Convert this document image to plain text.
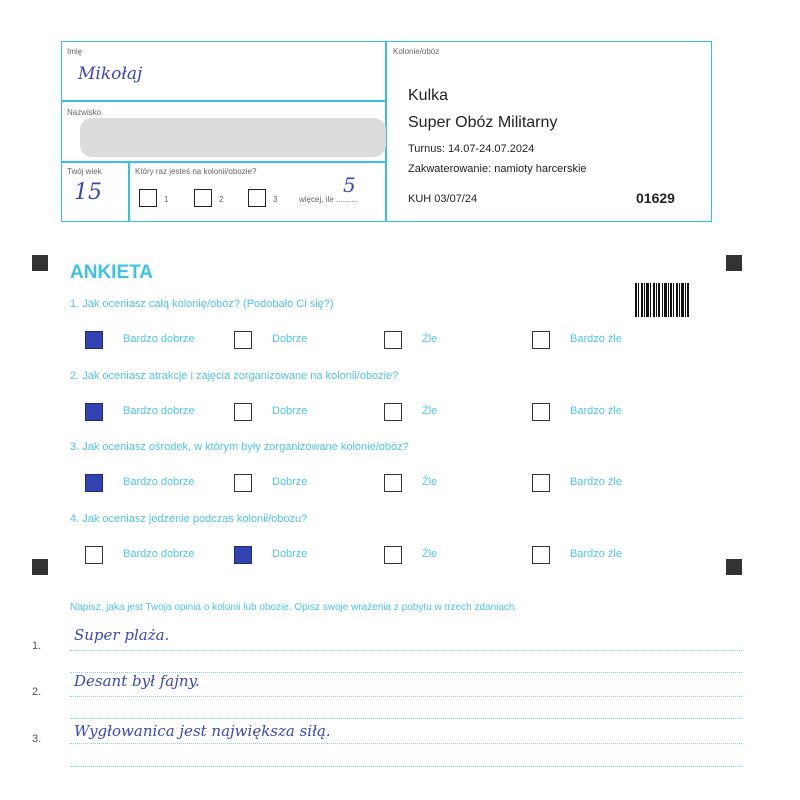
Imię
Mikołaj
Nazwisko
Twój wiek
15
Który raz jesteś na kolonii/obozie?
1	2	3	więcej, ile ..........
5
Kolonie/obóz
Kulka
Super Obóz Militarny
Turnus: 14.07-24.07.2024
Zakwaterowanie: namioty harcerskie
KUH 03/07/24	01629
ANKIETA
1. Jak oceniasz całą kolonię/obóz? (Podobało Ci się?)
Bardzo dobrze	Dobrze	Źle	Bardzo źle
2. Jak oceniasz atrakcje i zajęcia zorganizowane na kolonii/obozie?
Bardzo dobrze	Dobrze	Źle	Bardzo źle
3. Jak oceniasz ośrodek, w którym były zorganizowane kolonie/obóz?
Bardzo dobrze	Dobrze	Źle	Bardzo źle
4. Jak oceniasz jedzenie podczas kolonii/obozu?
Bardzo dobrze	Dobrze	Źle	Bardzo źle
Napisz, jaka jest Twoja opinia o kolonii lub obozie. Opisz swoje wrażenia z pobytu w trzech zdaniach.
1.
Super plaża.
2.
Desant był fajny.
3. Wygłowanica jest największa siłą.
